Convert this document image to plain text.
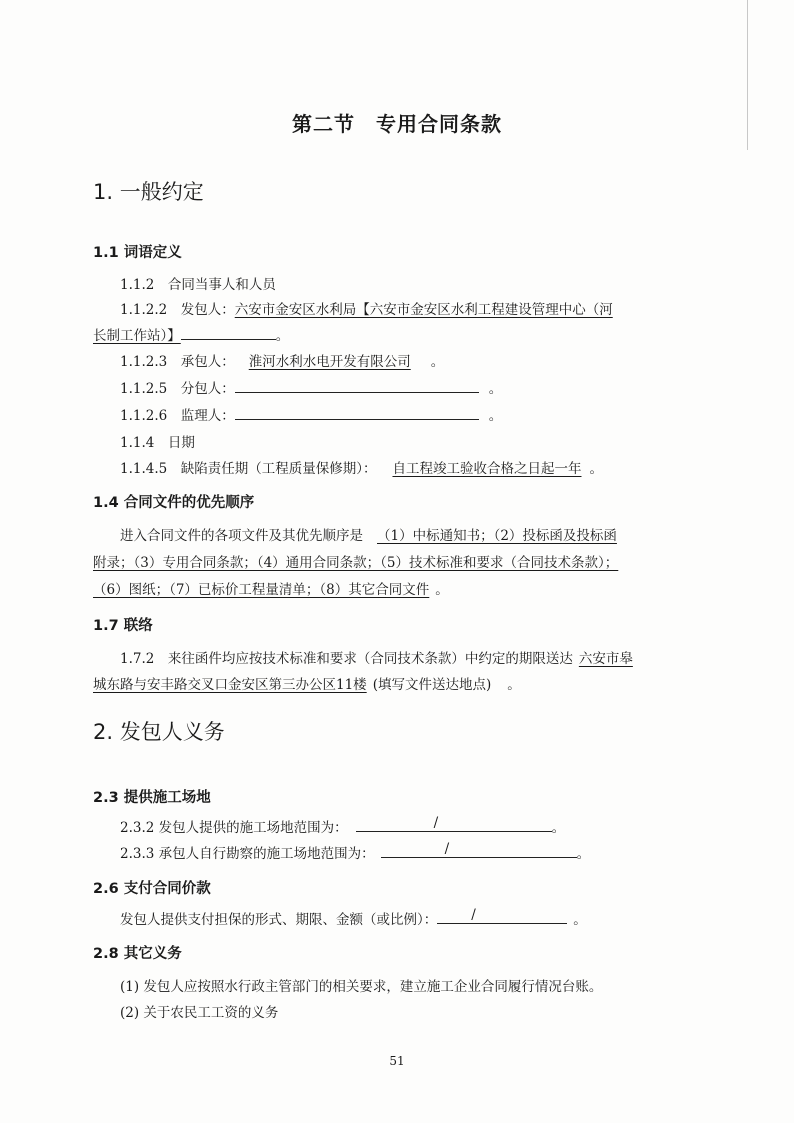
第二节　专用合同条款
1. 一般约定
1.1 词语定义
1.1.2　合同当事人和人员
1.1.2.2　发包人：六安市金安区水利局【六安市金安区水利工程建设管理中心（河
长制工作站）】	。
1.1.2.3　承包人： 淮河水利水电开发有限公司 。
1.1.2.5　分包人：	。
1.1.2.6　监理人：	。
1.1.4　日期
1.1.4.5　缺陷责任期（工程质量保修期）： 自工程竣工验收合格之日起一年 。
1.4 合同文件的优先顺序
进入合同文件的各项文件及其优先顺序是 （1）中标通知书；（2）投标函及投标函
附录；（3）专用合同条款；（4）通用合同条款；（5）技术标准和要求（合同技术条款）；
（6）图纸；（7）已标价工程量清单；（8）其它合同文件 。
1.7 联络
1.7.2　来往函件均应按技术标准和要求（合同技术条款）中约定的期限送达 六安市皋
城东路与安丰路交叉口金安区第三办公区11楼 (填写文件送达地点) 。
2. 发包人义务
2.3 提供施工场地
2.3.2 发包人提供的施工场地范围为：	/	。
2.3.3 承包人自行勘察的施工场地范围为：	/	。
2.6 支付合同价款
发包人提供支付担保的形式、期限、金额（或比例）：	/	。
2.8 其它义务
(1) 发包人应按照水行政主管部门的相关要求，建立施工企业合同履行情况台账。
(2) 关于农民工工资的义务
51
